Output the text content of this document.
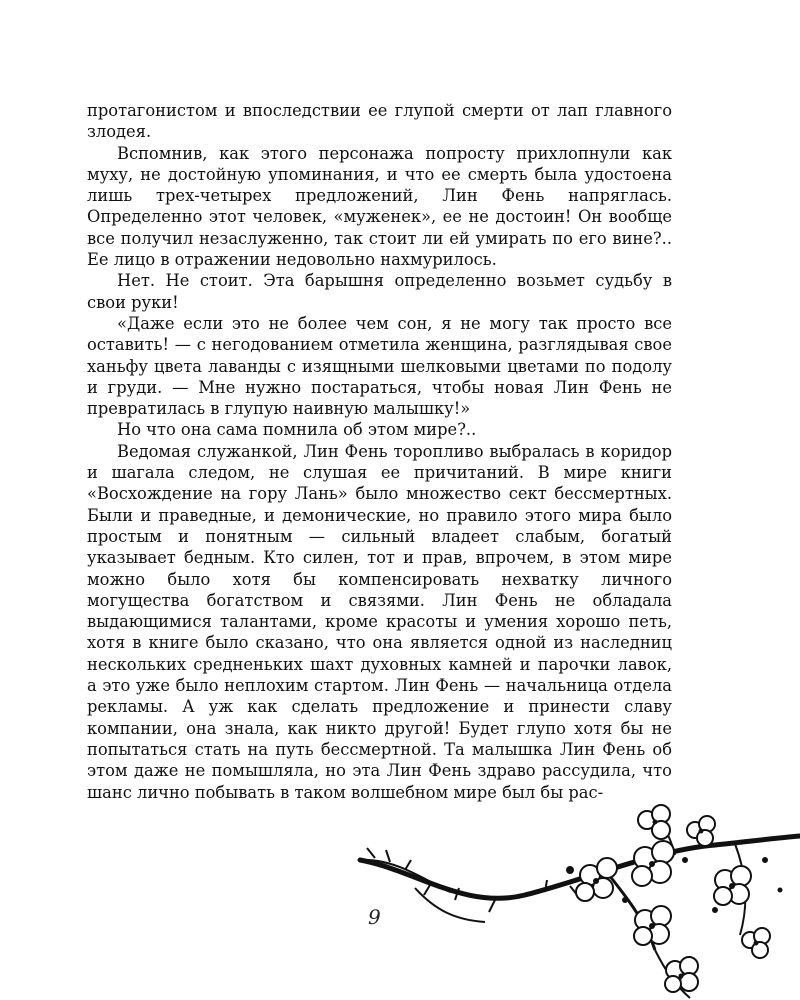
протагонистом и впоследствии ее глупой смерти от лап главного злодея.

Вспомнив, как этого персонажа попросту прихлопнули как муху, не достойную упоминания, и что ее смерть была удостоена лишь трех-четырех предложений, Лин Фень напряглась. Определенно этот человек, «муженек», ее не достоин! Он вообще все получил незаслуженно, так стоит ли ей умирать по его вине?.. Ее лицо в отражении недовольно нахмурилось.

Нет. Не стоит. Эта барышня определенно возьмет судьбу в свои руки!

«Даже если это не более чем сон, я не могу так просто все оставить! — с негодованием отметила женщина, разглядывая свое ханьфу цвета лаванды с изящными шелковыми цветами по подолу и груди. — Мне нужно постараться, чтобы новая Лин Фень не превратилась в глупую наивную малышку!»

Но что она сама помнила об этом мире?..

Ведомая служанкой, Лин Фень торопливо выбралась в коридор и шагала следом, не слушая ее причитаний. В мире книги «Восхождение на гору Лань» было множество сект бессмертных. Были и праведные, и демонические, но правило этого мира было простым и понятным — сильный владеет слабым, богатый указывает бедным. Кто силен, тот и прав, впрочем, в этом мире можно было хотя бы компенсировать нехватку личного могущества богатством и связями. Лин Фень не обладала выдающимися талантами, кроме красоты и умения хорошо петь, хотя в книге было сказано, что она является одной из наследниц нескольких средненьких шахт духовных камней и парочки лавок, а это уже было неплохим стартом. Лин Фень — начальница отдела рекламы. А уж как сделать предложение и принести славу компании, она знала, как никто другой! Будет глупо хотя бы не попытаться стать на путь бессмертной. Та малышка Лин Фень об этом даже не помышляла, но эта Лин Фень здраво рассудила, что шанс лично побывать в таком волшебном мире был бы рас-

9
